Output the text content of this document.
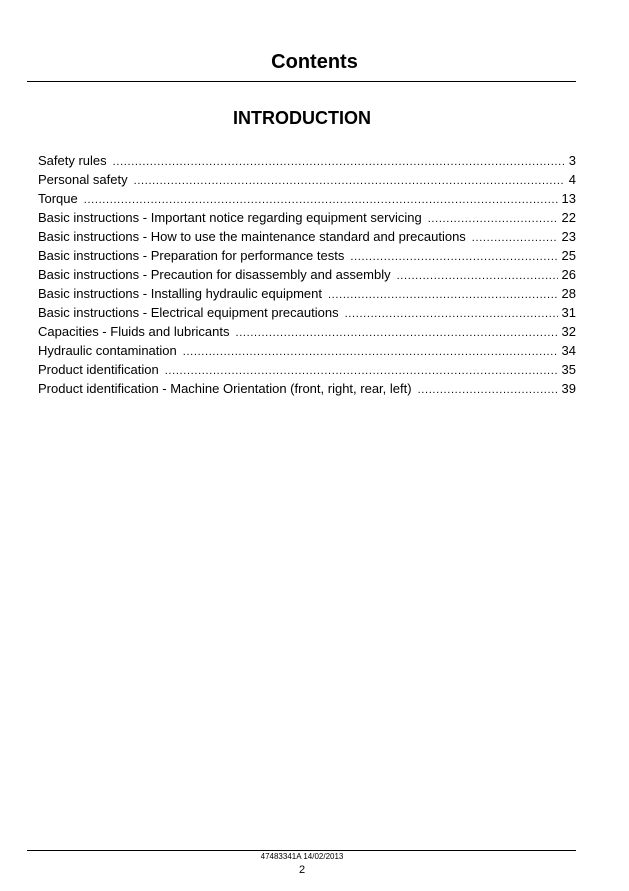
Contents
INTRODUCTION
Safety rules . . .	3
Personal safety . . .	4
Torque . . .	13
Basic instructions - Important notice regarding equipment servicing . . .	22
Basic instructions - How to use the maintenance standard and precautions . . .	23
Basic instructions - Preparation for performance tests . . .	25
Basic instructions - Precaution for disassembly and assembly . . .	26
Basic instructions - Installing hydraulic equipment . . .	28
Basic instructions - Electrical equipment precautions . . .	31
Capacities - Fluids and lubricants . . .	32
Hydraulic contamination . . .	34
Product identification . . .	35
Product identification - Machine Orientation (front, right, rear, left) . . .	39
47483341A 14/02/2013
2
